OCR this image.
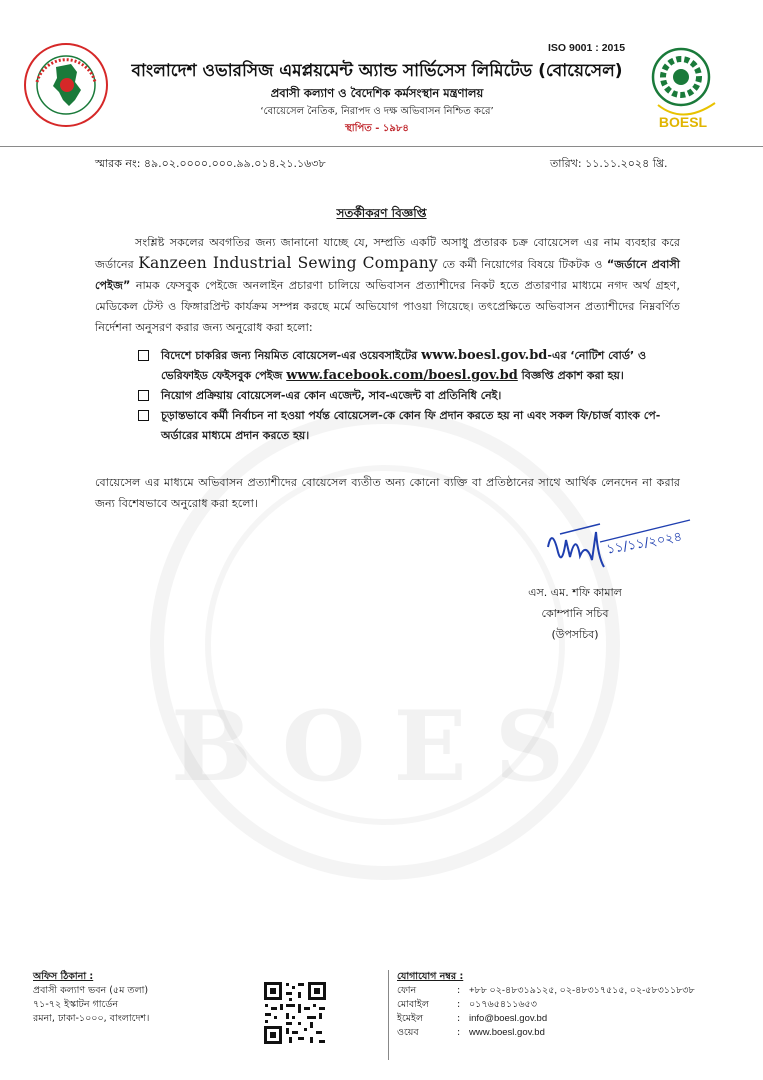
BOES
ISO 9001 : 2015
BOESL
বাংলাদেশ ওভারসিজ এমপ্লয়মেন্ট অ্যান্ড সার্ভিসেস লিমিটেড (বোয়েসেল)
প্রবাসী কল্যাণ ও বৈদেশিক কর্মসংস্থান মন্ত্রণালয়
‘বোয়েসেল নৈতিক, নিরাপদ ও দক্ষ অভিবাসন নিশ্চিত করে’
স্থাপিত - ১৯৮৪
স্মারক নং: ৪৯.০২.০০০০.০০০.৯৯.০১৪.২১.১৬৩৮	তারিখ: ১১.১১.২০২৪ খ্রি.
সতর্কীকরণ বিজ্ঞপ্তি
সংশ্লিষ্ট সকলের অবগতির জন্য জানানো যাচ্ছে যে, সম্প্রতি একটি অসাধু প্রতারক চক্র বোয়েসেল এর নাম ব্যবহার করে জর্ডানের Kanzeen Industrial Sewing Company তে কর্মী নিয়োগের বিষয়ে টিকটক ও “জর্ডানে প্রবাসী পেইজ” নামক ফেসবুক পেইজে অনলাইন প্রচারণা চালিয়ে অভিবাসন প্রত্যাশীদের নিকট হতে প্রতারণার মাধ্যমে নগদ অর্থ গ্রহণ, মেডিকেল টেস্ট ও ফিঙ্গারপ্রিন্ট কার্যক্রম সম্পন্ন করছে মর্মে অভিযোগ পাওয়া গিয়েছে। তৎপ্রেক্ষিতে অভিবাসন প্রত্যাশীদের নিম্নবর্ণিত নির্দেশনা অনুসরণ করার জন্য অনুরোধ করা হলো:
বিদেশে চাকরির জন্য নিয়মিত বোয়েসেল-এর ওয়েবসাইটের www.boesl.gov.bd-এর ‘নোটিশ বোর্ড’ ও ভেরিফাইড ফেইসবুক পেইজ www.facebook.com/boesl.gov.bd বিজ্ঞপ্তি প্রকাশ করা হয়।
নিয়োগ প্রক্রিয়ায় বোয়েসেল-এর কোন এজেন্ট, সাব-এজেন্ট বা প্রতিনিধি নেই।
চূড়ান্তভাবে কর্মী নির্বাচন না হওয়া পর্যন্ত বোয়েসেল-কে কোন ফি প্রদান করতে হয় না এবং সকল ফি/চার্জ ব্যাংক পে-অর্ডারের মাধ্যমে প্রদান করতে হয়।
বোয়েসেল এর মাধ্যমে অভিবাসন প্রত্যাশীদের বোয়েসেল ব্যতীত অন্য কোনো ব্যক্তি বা প্রতিষ্ঠানের সাথে আর্থিক লেনদেন না করার জন্য বিশেষভাবে অনুরোধ করা হলো।
১১/১১/২০২৪
এস. এম. শফি কামাল
কোম্পানি সচিব
(উপসচিব)
অফিস ঠিকানা :
প্রবাসী কল্যাণ ভবন (৫ম তলা)
৭১-৭২ ইস্কাটন গার্ডেন
রমনা, ঢাকা-১০০০, বাংলাদেশ।
যোগাযোগ নম্বর :
ফোন	: +৮৮ ০২-৪৮৩১৯১২৫, ০২-৪৮৩১৭৫১৫, ০২-৫৮৩১১৮৩৮
মোবাইল	: ০১৭৬৫৪১১৬৫৩
ইমেইল	: info@boesl.gov.bd
ওয়েব	: www.boesl.gov.bd
